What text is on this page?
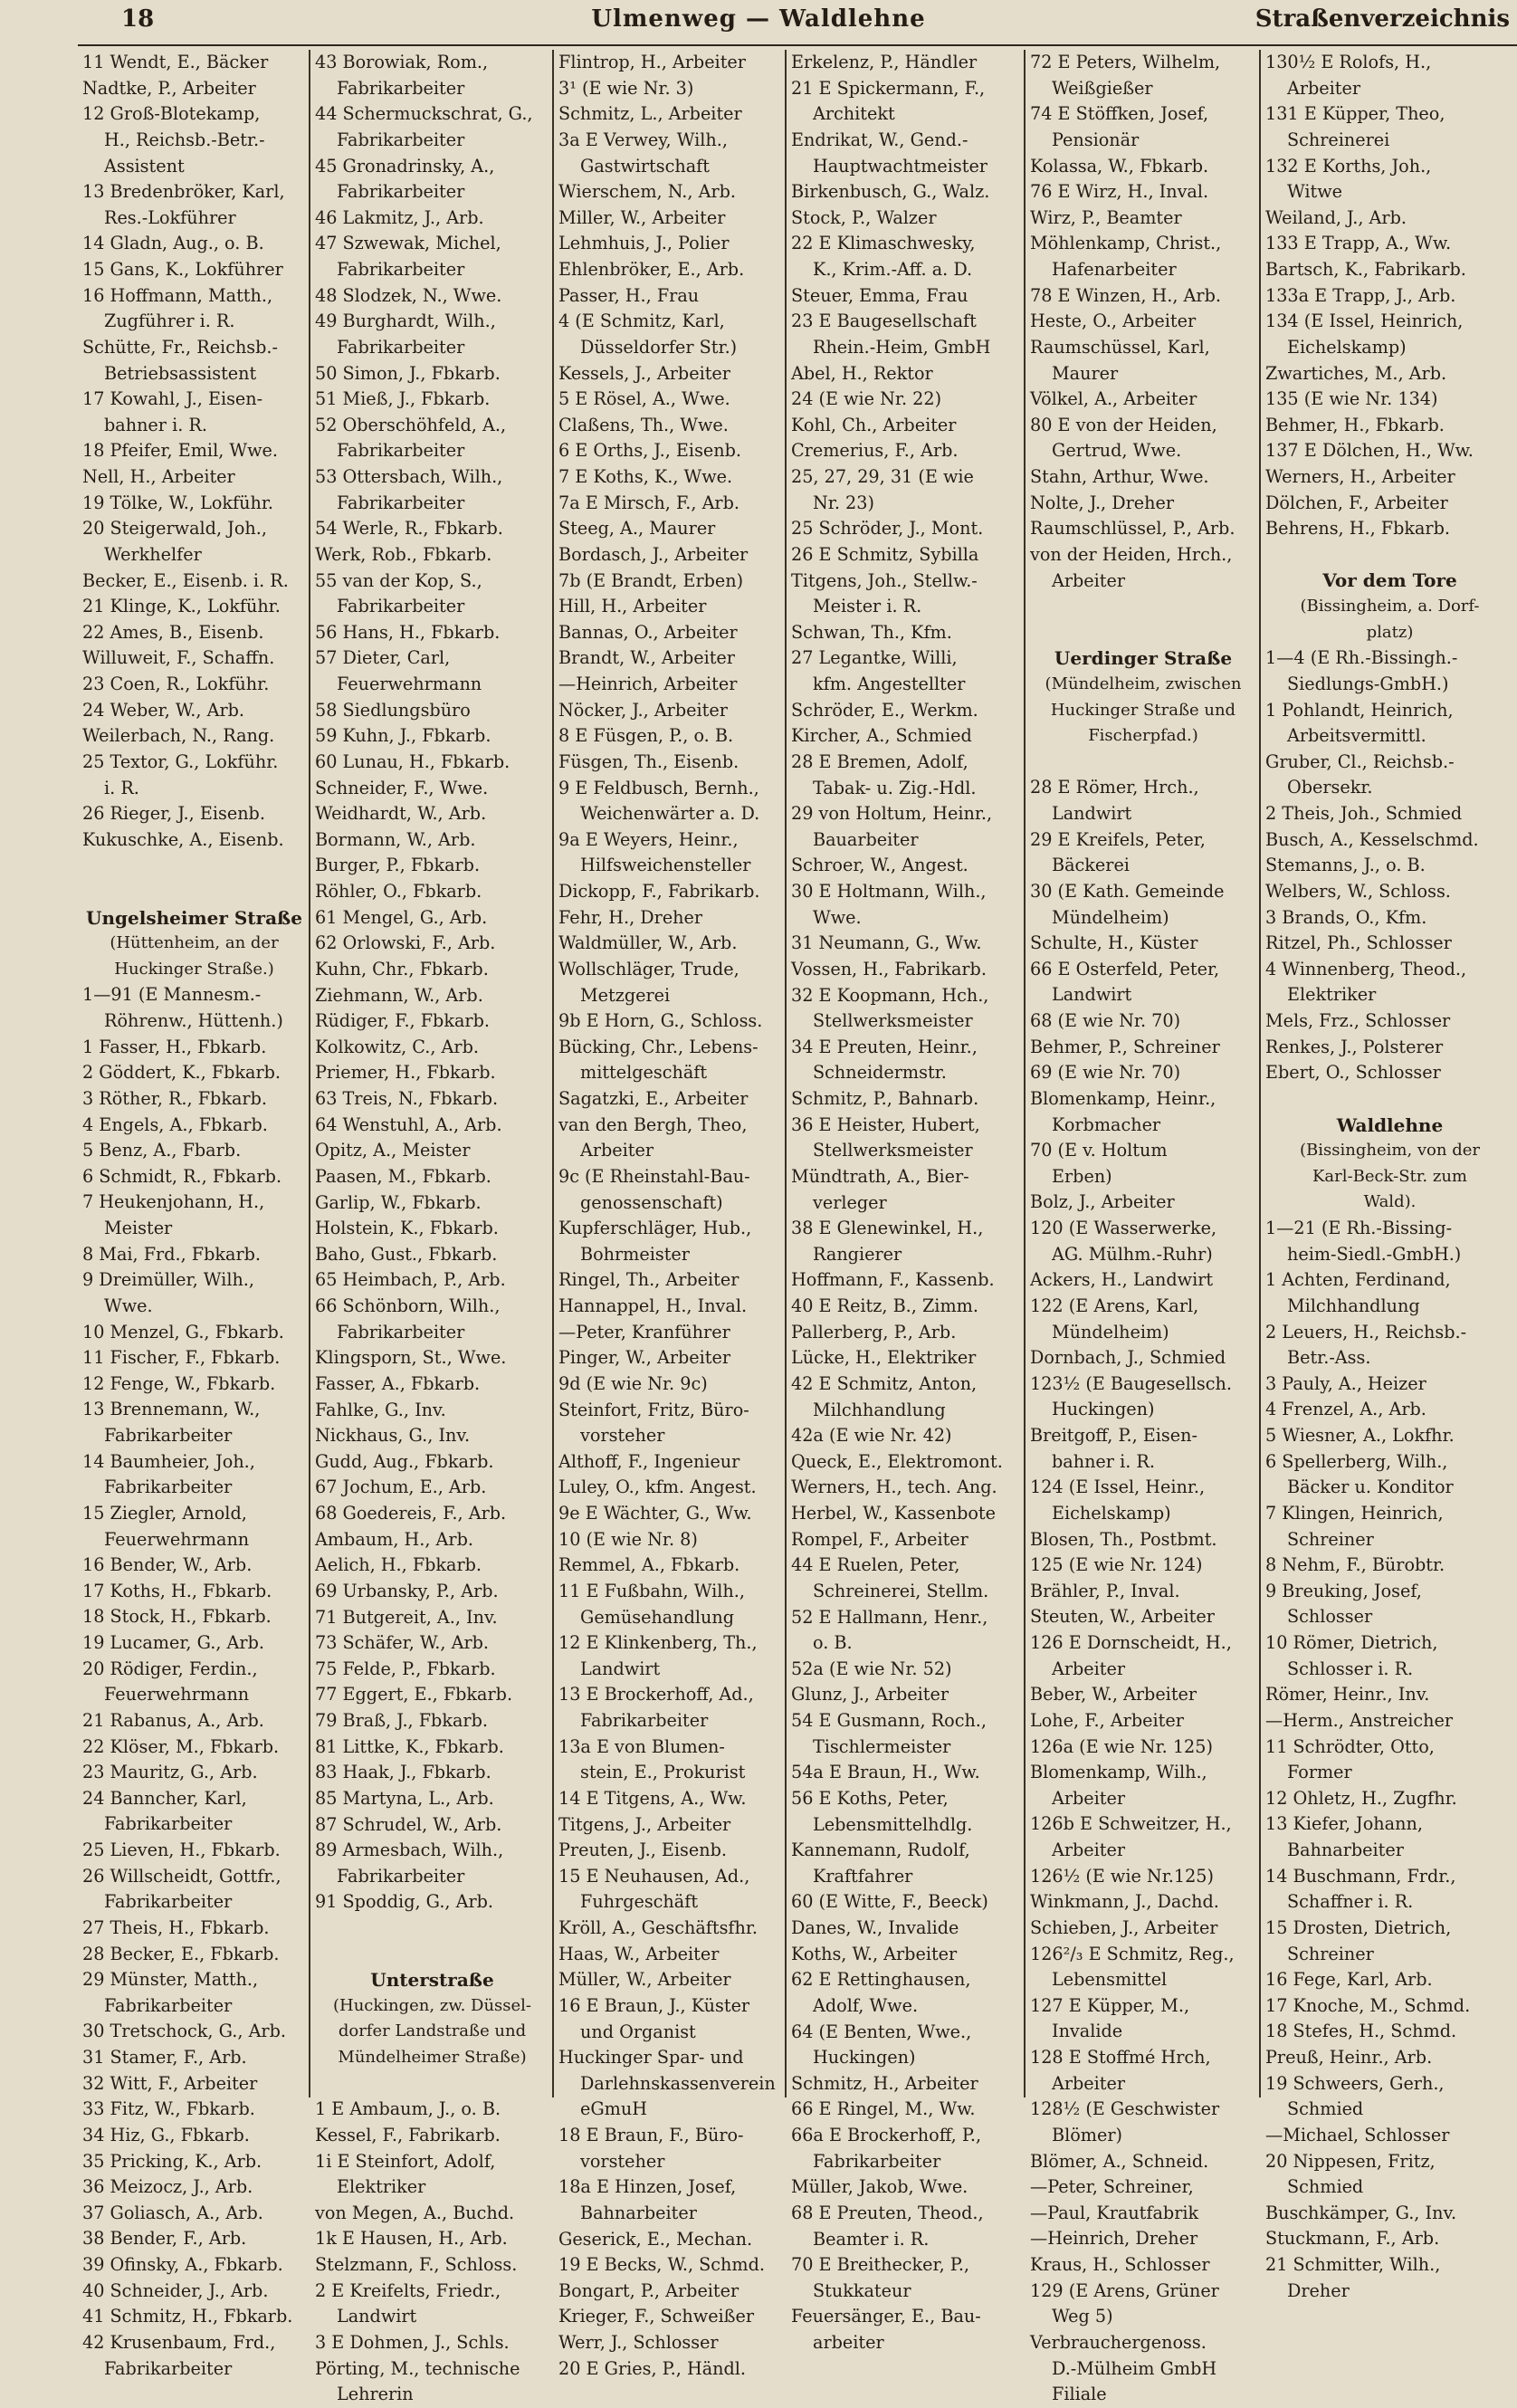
18	Ulmenweg — Waldlehne	Straßenverzeichnis
11 Wendt, E., Bäcker
Nadtke, P., Arbeiter
12 Groß-Blotekamp,
H., Reichsb.-Betr.-
Assistent
13 Bredenbröker, Karl,
Res.-Lokführer
14 Gladn, Aug., o. B.
15 Gans, K., Lokführer
16 Hoffmann, Matth.,
Zugführer i. R.
Schütte, Fr., Reichsb.-
Betriebsassistent
17 Kowahl, J., Eisen-
bahner i. R.
18 Pfeifer, Emil, Wwe.
Nell, H., Arbeiter
19 Tölke, W., Lokführ.
20 Steigerwald, Joh.,
Werkhelfer
Becker, E., Eisenb. i. R.
21 Klinge, K., Lokführ.
22 Ames, B., Eisenb.
Willuweit, F., Schaffn.
23 Coen, R., Lokführ.
24 Weber, W., Arb.
Weilerbach, N., Rang.
25 Textor, G., Lokführ.
i. R.
26 Rieger, J., Eisenb.
Kukuschke, A., Eisenb.
Ungelsheimer Straße
(Hüttenheim, an der
Huckinger Straße.)
1—91 (E Mannesm.-
Röhrenw., Hüttenh.)
1 Fasser, H., Fbkarb.
2 Göddert, K., Fbkarb.
3 Röther, R., Fbkarb.
4 Engels, A., Fbkarb.
5 Benz, A., Fbarb.
6 Schmidt, R., Fbkarb.
7 Heukenjohann, H.,
Meister
8 Mai, Frd., Fbkarb.
9 Dreimüller, Wilh.,
Wwe.
10 Menzel, G., Fbkarb.
11 Fischer, F., Fbkarb.
12 Fenge, W., Fbkarb.
13 Brennemann, W.,
Fabrikarbeiter
14 Baumheier, Joh.,
Fabrikarbeiter
15 Ziegler, Arnold,
Feuerwehrmann
16 Bender, W., Arb.
17 Koths, H., Fbkarb.
18 Stock, H., Fbkarb.
19 Lucamer, G., Arb.
20 Rödiger, Ferdin.,
Feuerwehrmann
21 Rabanus, A., Arb.
22 Klöser, M., Fbkarb.
23 Mauritz, G., Arb.
24 Banncher, Karl,
Fabrikarbeiter
25 Lieven, H., Fbkarb.
26 Willscheidt, Gottfr.,
Fabrikarbeiter
27 Theis, H., Fbkarb.
28 Becker, E., Fbkarb.
29 Münster, Matth.,
Fabrikarbeiter
30 Tretschock, G., Arb.
31 Stamer, F., Arb.
32 Witt, F., Arbeiter
33 Fitz, W., Fbkarb.
34 Hiz, G., Fbkarb.
35 Pricking, K., Arb.
36 Meizocz, J., Arb.
37 Goliasch, A., Arb.
38 Bender, F., Arb.
39 Ofinsky, A., Fbkarb.
40 Schneider, J., Arb.
41 Schmitz, H., Fbkarb.
42 Krusenbaum, Frd.,
Fabrikarbeiter
43 Borowiak, Rom.,
Fabrikarbeiter
44 Schermuckschrat, G.,
Fabrikarbeiter
45 Gronadrinsky, A.,
Fabrikarbeiter
46 Lakmitz, J., Arb.
47 Szwewak, Michel,
Fabrikarbeiter
48 Slodzek, N., Wwe.
49 Burghardt, Wilh.,
Fabrikarbeiter
50 Simon, J., Fbkarb.
51 Mieß, J., Fbkarb.
52 Oberschöhfeld, A.,
Fabrikarbeiter
53 Ottersbach, Wilh.,
Fabrikarbeiter
54 Werle, R., Fbkarb.
Werk, Rob., Fbkarb.
55 van der Kop, S.,
Fabrikarbeiter
56 Hans, H., Fbkarb.
57 Dieter, Carl,
Feuerwehrmann
58 Siedlungsbüro
59 Kuhn, J., Fbkarb.
60 Lunau, H., Fbkarb.
Schneider, F., Wwe.
Weidhardt, W., Arb.
Bormann, W., Arb.
Burger, P., Fbkarb.
Röhler, O., Fbkarb.
61 Mengel, G., Arb.
62 Orlowski, F., Arb.
Kuhn, Chr., Fbkarb.
Ziehmann, W., Arb.
Rüdiger, F., Fbkarb.
Kolkowitz, C., Arb.
Priemer, H., Fbkarb.
63 Treis, N., Fbkarb.
64 Wenstuhl, A., Arb.
Opitz, A., Meister
Paasen, M., Fbkarb.
Garlip, W., Fbkarb.
Holstein, K., Fbkarb.
Baho, Gust., Fbkarb.
65 Heimbach, P., Arb.
66 Schönborn, Wilh.,
Fabrikarbeiter
Klingsporn, St., Wwe.
Fasser, A., Fbkarb.
Fahlke, G., Inv.
Nickhaus, G., Inv.
Gudd, Aug., Fbkarb.
67 Jochum, E., Arb.
68 Goedereis, F., Arb.
Ambaum, H., Arb.
Aelich, H., Fbkarb.
69 Urbansky, P., Arb.
71 Butgereit, A., Inv.
73 Schäfer, W., Arb.
75 Felde, P., Fbkarb.
77 Eggert, E., Fbkarb.
79 Braß, J., Fbkarb.
81 Littke, K., Fbkarb.
83 Haak, J., Fbkarb.
85 Martyna, L., Arb.
87 Schrudel, W., Arb.
89 Armesbach, Wilh.,
Fabrikarbeiter
91 Spoddig, G., Arb.
Unterstraße
(Huckingen, zw. Düssel-
dorfer Landstraße und
Mündelheimer Straße)
1 E Ambaum, J., o. B.
Kessel, F., Fabrikarb.
1i E Steinfort, Adolf,
Elektriker
von Megen, A., Buchd.
1k E Hausen, H., Arb.
Stelzmann, F., Schloss.
2 E Kreifelts, Friedr.,
Landwirt
3 E Dohmen, J., Schls.
Pörting, M., technische
Lehrerin
Flintrop, H., Arbeiter
3¹ (E wie Nr. 3)
Schmitz, L., Arbeiter
3a E Verwey, Wilh.,
Gastwirtschaft
Wierschem, N., Arb.
Miller, W., Arbeiter
Lehmhuis, J., Polier
Ehlenbröker, E., Arb.
Passer, H., Frau
4 (E Schmitz, Karl,
Düsseldorfer Str.)
Kessels, J., Arbeiter
5 E Rösel, A., Wwe.
Claßens, Th., Wwe.
6 E Orths, J., Eisenb.
7 E Koths, K., Wwe.
7a E Mirsch, F., Arb.
Steeg, A., Maurer
Bordasch, J., Arbeiter
7b (E Brandt, Erben)
Hill, H., Arbeiter
Bannas, O., Arbeiter
Brandt, W., Arbeiter
—Heinrich, Arbeiter
Nöcker, J., Arbeiter
8 E Füsgen, P., o. B.
Füsgen, Th., Eisenb.
9 E Feldbusch, Bernh.,
Weichenwärter a. D.
9a E Weyers, Heinr.,
Hilfsweichensteller
Dickopp, F., Fabrikarb.
Fehr, H., Dreher
Waldmüller, W., Arb.
Wollschläger, Trude,
Metzgerei
9b E Horn, G., Schloss.
Bücking, Chr., Lebens-
mittelgeschäft
Sagatzki, E., Arbeiter
van den Bergh, Theo,
Arbeiter
9c (E Rheinstahl-Bau-
genossenschaft)
Kupferschläger, Hub.,
Bohrmeister
Ringel, Th., Arbeiter
Hannappel, H., Inval.
—Peter, Kranführer
Pinger, W., Arbeiter
9d (E wie Nr. 9c)
Steinfort, Fritz, Büro-
vorsteher
Althoff, F., Ingenieur
Luley, O., kfm. Angest.
9e E Wächter, G., Ww.
10 (E wie Nr. 8)
Remmel, A., Fbkarb.
11 E Fußbahn, Wilh.,
Gemüsehandlung
12 E Klinkenberg, Th.,
Landwirt
13 E Brockerhoff, Ad.,
Fabrikarbeiter
13a E von Blumen-
stein, E., Prokurist
14 E Titgens, A., Ww.
Titgens, J., Arbeiter
Preuten, J., Eisenb.
15 E Neuhausen, Ad.,
Fuhrgeschäft
Kröll, A., Geschäftsfhr.
Haas, W., Arbeiter
Müller, W., Arbeiter
16 E Braun, J., Küster
und Organist
Huckinger Spar- und
Darlehnskassenverein
eGmuH
18 E Braun, F., Büro-
vorsteher
18a E Hinzen, Josef,
Bahnarbeiter
Geserick, E., Mechan.
19 E Becks, W., Schmd.
Bongart, P., Arbeiter
Krieger, F., Schweißer
Werr, J., Schlosser
20 E Gries, P., Händl.
Erkelenz, P., Händler
21 E Spickermann, F.,
Architekt
Endrikat, W., Gend.-
Hauptwachtmeister
Birkenbusch, G., Walz.
Stock, P., Walzer
22 E Klimaschwesky,
K., Krim.-Aff. a. D.
Steuer, Emma, Frau
23 E Baugesellschaft
Rhein.-Heim, GmbH
Abel, H., Rektor
24 (E wie Nr. 22)
Kohl, Ch., Arbeiter
Cremerius, F., Arb.
25, 27, 29, 31 (E wie
Nr. 23)
25 Schröder, J., Mont.
26 E Schmitz, Sybilla
Titgens, Joh., Stellw.-
Meister i. R.
Schwan, Th., Kfm.
27 Legantke, Willi,
kfm. Angestellter
Schröder, E., Werkm.
Kircher, A., Schmied
28 E Bremen, Adolf,
Tabak- u. Zig.-Hdl.
29 von Holtum, Heinr.,
Bauarbeiter
Schroer, W., Angest.
30 E Holtmann, Wilh.,
Wwe.
31 Neumann, G., Ww.
Vossen, H., Fabrikarb.
32 E Koopmann, Hch.,
Stellwerksmeister
34 E Preuten, Heinr.,
Schneidermstr.
Schmitz, P., Bahnarb.
36 E Heister, Hubert,
Stellwerksmeister
Mündtrath, A., Bier-
verleger
38 E Glenewinkel, H.,
Rangierer
Hoffmann, F., Kassenb.
40 E Reitz, B., Zimm.
Pallerberg, P., Arb.
Lücke, H., Elektriker
42 E Schmitz, Anton,
Milchhandlung
42a (E wie Nr. 42)
Queck, E., Elektromont.
Werners, H., tech. Ang.
Herbel, W., Kassenbote
Rompel, F., Arbeiter
44 E Ruelen, Peter,
Schreinerei, Stellm.
52 E Hallmann, Henr.,
o. B.
52a (E wie Nr. 52)
Glunz, J., Arbeiter
54 E Gusmann, Roch.,
Tischlermeister
54a E Braun, H., Ww.
56 E Koths, Peter,
Lebensmittelhdlg.
Kannemann, Rudolf,
Kraftfahrer
60 (E Witte, F., Beeck)
Danes, W., Invalide
Koths, W., Arbeiter
62 E Rettinghausen,
Adolf, Wwe.
64 (E Benten, Wwe.,
Huckingen)
Schmitz, H., Arbeiter
66 E Ringel, M., Ww.
66a E Brockerhoff, P.,
Fabrikarbeiter
Müller, Jakob, Wwe.
68 E Preuten, Theod.,
Beamter i. R.
70 E Breithecker, P.,
Stukkateur
Feuersänger, E., Bau-
arbeiter
72 E Peters, Wilhelm,
Weißgießer
74 E Stöffken, Josef,
Pensionär
Kolassa, W., Fbkarb.
76 E Wirz, H., Inval.
Wirz, P., Beamter
Möhlenkamp, Christ.,
Hafenarbeiter
78 E Winzen, H., Arb.
Heste, O., Arbeiter
Raumschüssel, Karl,
Maurer
Völkel, A., Arbeiter
80 E von der Heiden,
Gertrud, Wwe.
Stahn, Arthur, Wwe.
Nolte, J., Dreher
Raumschlüssel, P., Arb.
von der Heiden, Hrch.,
Arbeiter
Uerdinger Straße
(Mündelheim, zwischen
Huckinger Straße und
Fischerpfad.)
28 E Römer, Hrch.,
Landwirt
29 E Kreifels, Peter,
Bäckerei
30 (E Kath. Gemeinde
Mündelheim)
Schulte, H., Küster
66 E Osterfeld, Peter,
Landwirt
68 (E wie Nr. 70)
Behmer, P., Schreiner
69 (E wie Nr. 70)
Blomenkamp, Heinr.,
Korbmacher
70 (E v. Holtum
Erben)
Bolz, J., Arbeiter
120 (E Wasserwerke,
AG. Mülhm.-Ruhr)
Ackers, H., Landwirt
122 (E Arens, Karl,
Mündelheim)
Dornbach, J., Schmied
123½ (E Baugesellsch.
Huckingen)
Breitgoff, P., Eisen-
bahner i. R.
124 (E Issel, Heinr.,
Eichelskamp)
Blosen, Th., Postbmt.
125 (E wie Nr. 124)
Brähler, P., Inval.
Steuten, W., Arbeiter
126 E Dornscheidt, H.,
Arbeiter
Beber, W., Arbeiter
Lohe, F., Arbeiter
126a (E wie Nr. 125)
Blomenkamp, Wilh.,
Arbeiter
126b E Schweitzer, H.,
Arbeiter
126½ (E wie Nr.125)
Winkmann, J., Dachd.
Schieben, J., Arbeiter
126²/₃ E Schmitz, Reg.,
Lebensmittel
127 E Küpper, M.,
Invalide
128 E Stoffmé Hrch,
Arbeiter
128½ (E Geschwister
Blömer)
Blömer, A., Schneid.
—Peter, Schreiner,
—Paul, Krautfabrik
—Heinrich, Dreher
Kraus, H., Schlosser
129 (E Arens, Grüner
Weg 5)
Verbrauchergenoss.
D.-Mülheim GmbH
Filiale
130½ E Rolofs, H.,
Arbeiter
131 E Küpper, Theo,
Schreinerei
132 E Korths, Joh.,
Witwe
Weiland, J., Arb.
133 E Trapp, A., Ww.
Bartsch, K., Fabrikarb.
133a E Trapp, J., Arb.
134 (E Issel, Heinrich,
Eichelskamp)
Zwartiches, M., Arb.
135 (E wie Nr. 134)
Behmer, H., Fbkarb.
137 E Dölchen, H., Ww.
Werners, H., Arbeiter
Dölchen, F., Arbeiter
Behrens, H., Fbkarb.
Vor dem Tore
(Bissingheim, a. Dorf-
platz)
1—4 (E Rh.-Bissingh.-
Siedlungs-GmbH.)
1 Pohlandt, Heinrich,
Arbeitsvermittl.
Gruber, Cl., Reichsb.-
Obersekr.
2 Theis, Joh., Schmied
Busch, A., Kesselschmd.
Stemanns, J., o. B.
Welbers, W., Schloss.
3 Brands, O., Kfm.
Ritzel, Ph., Schlosser
4 Winnenberg, Theod.,
Elektriker
Mels, Frz., Schlosser
Renkes, J., Polsterer
Ebert, O., Schlosser
Waldlehne
(Bissingheim, von der
Karl-Beck-Str. zum
Wald).
1—21 (E Rh.-Bissing-
heim-Siedl.-GmbH.)
1 Achten, Ferdinand,
Milchhandlung
2 Leuers, H., Reichsb.-
Betr.-Ass.
3 Pauly, A., Heizer
4 Frenzel, A., Arb.
5 Wiesner, A., Lokfhr.
6 Spellerberg, Wilh.,
Bäcker u. Konditor
7 Klingen, Heinrich,
Schreiner
8 Nehm, F., Bürobtr.
9 Breuking, Josef,
Schlosser
10 Römer, Dietrich,
Schlosser i. R.
Römer, Heinr., Inv.
—Herm., Anstreicher
11 Schrödter, Otto,
Former
12 Ohletz, H., Zugfhr.
13 Kiefer, Johann,
Bahnarbeiter
14 Buschmann, Frdr.,
Schaffner i. R.
15 Drosten, Dietrich,
Schreiner
16 Fege, Karl, Arb.
17 Knoche, M., Schmd.
18 Stefes, H., Schmd.
Preuß, Heinr., Arb.
19 Schweers, Gerh.,
Schmied
—Michael, Schlosser
20 Nippesen, Fritz,
Schmied
Buschkämper, G., Inv.
Stuckmann, F., Arb.
21 Schmitter, Wilh.,
Dreher
